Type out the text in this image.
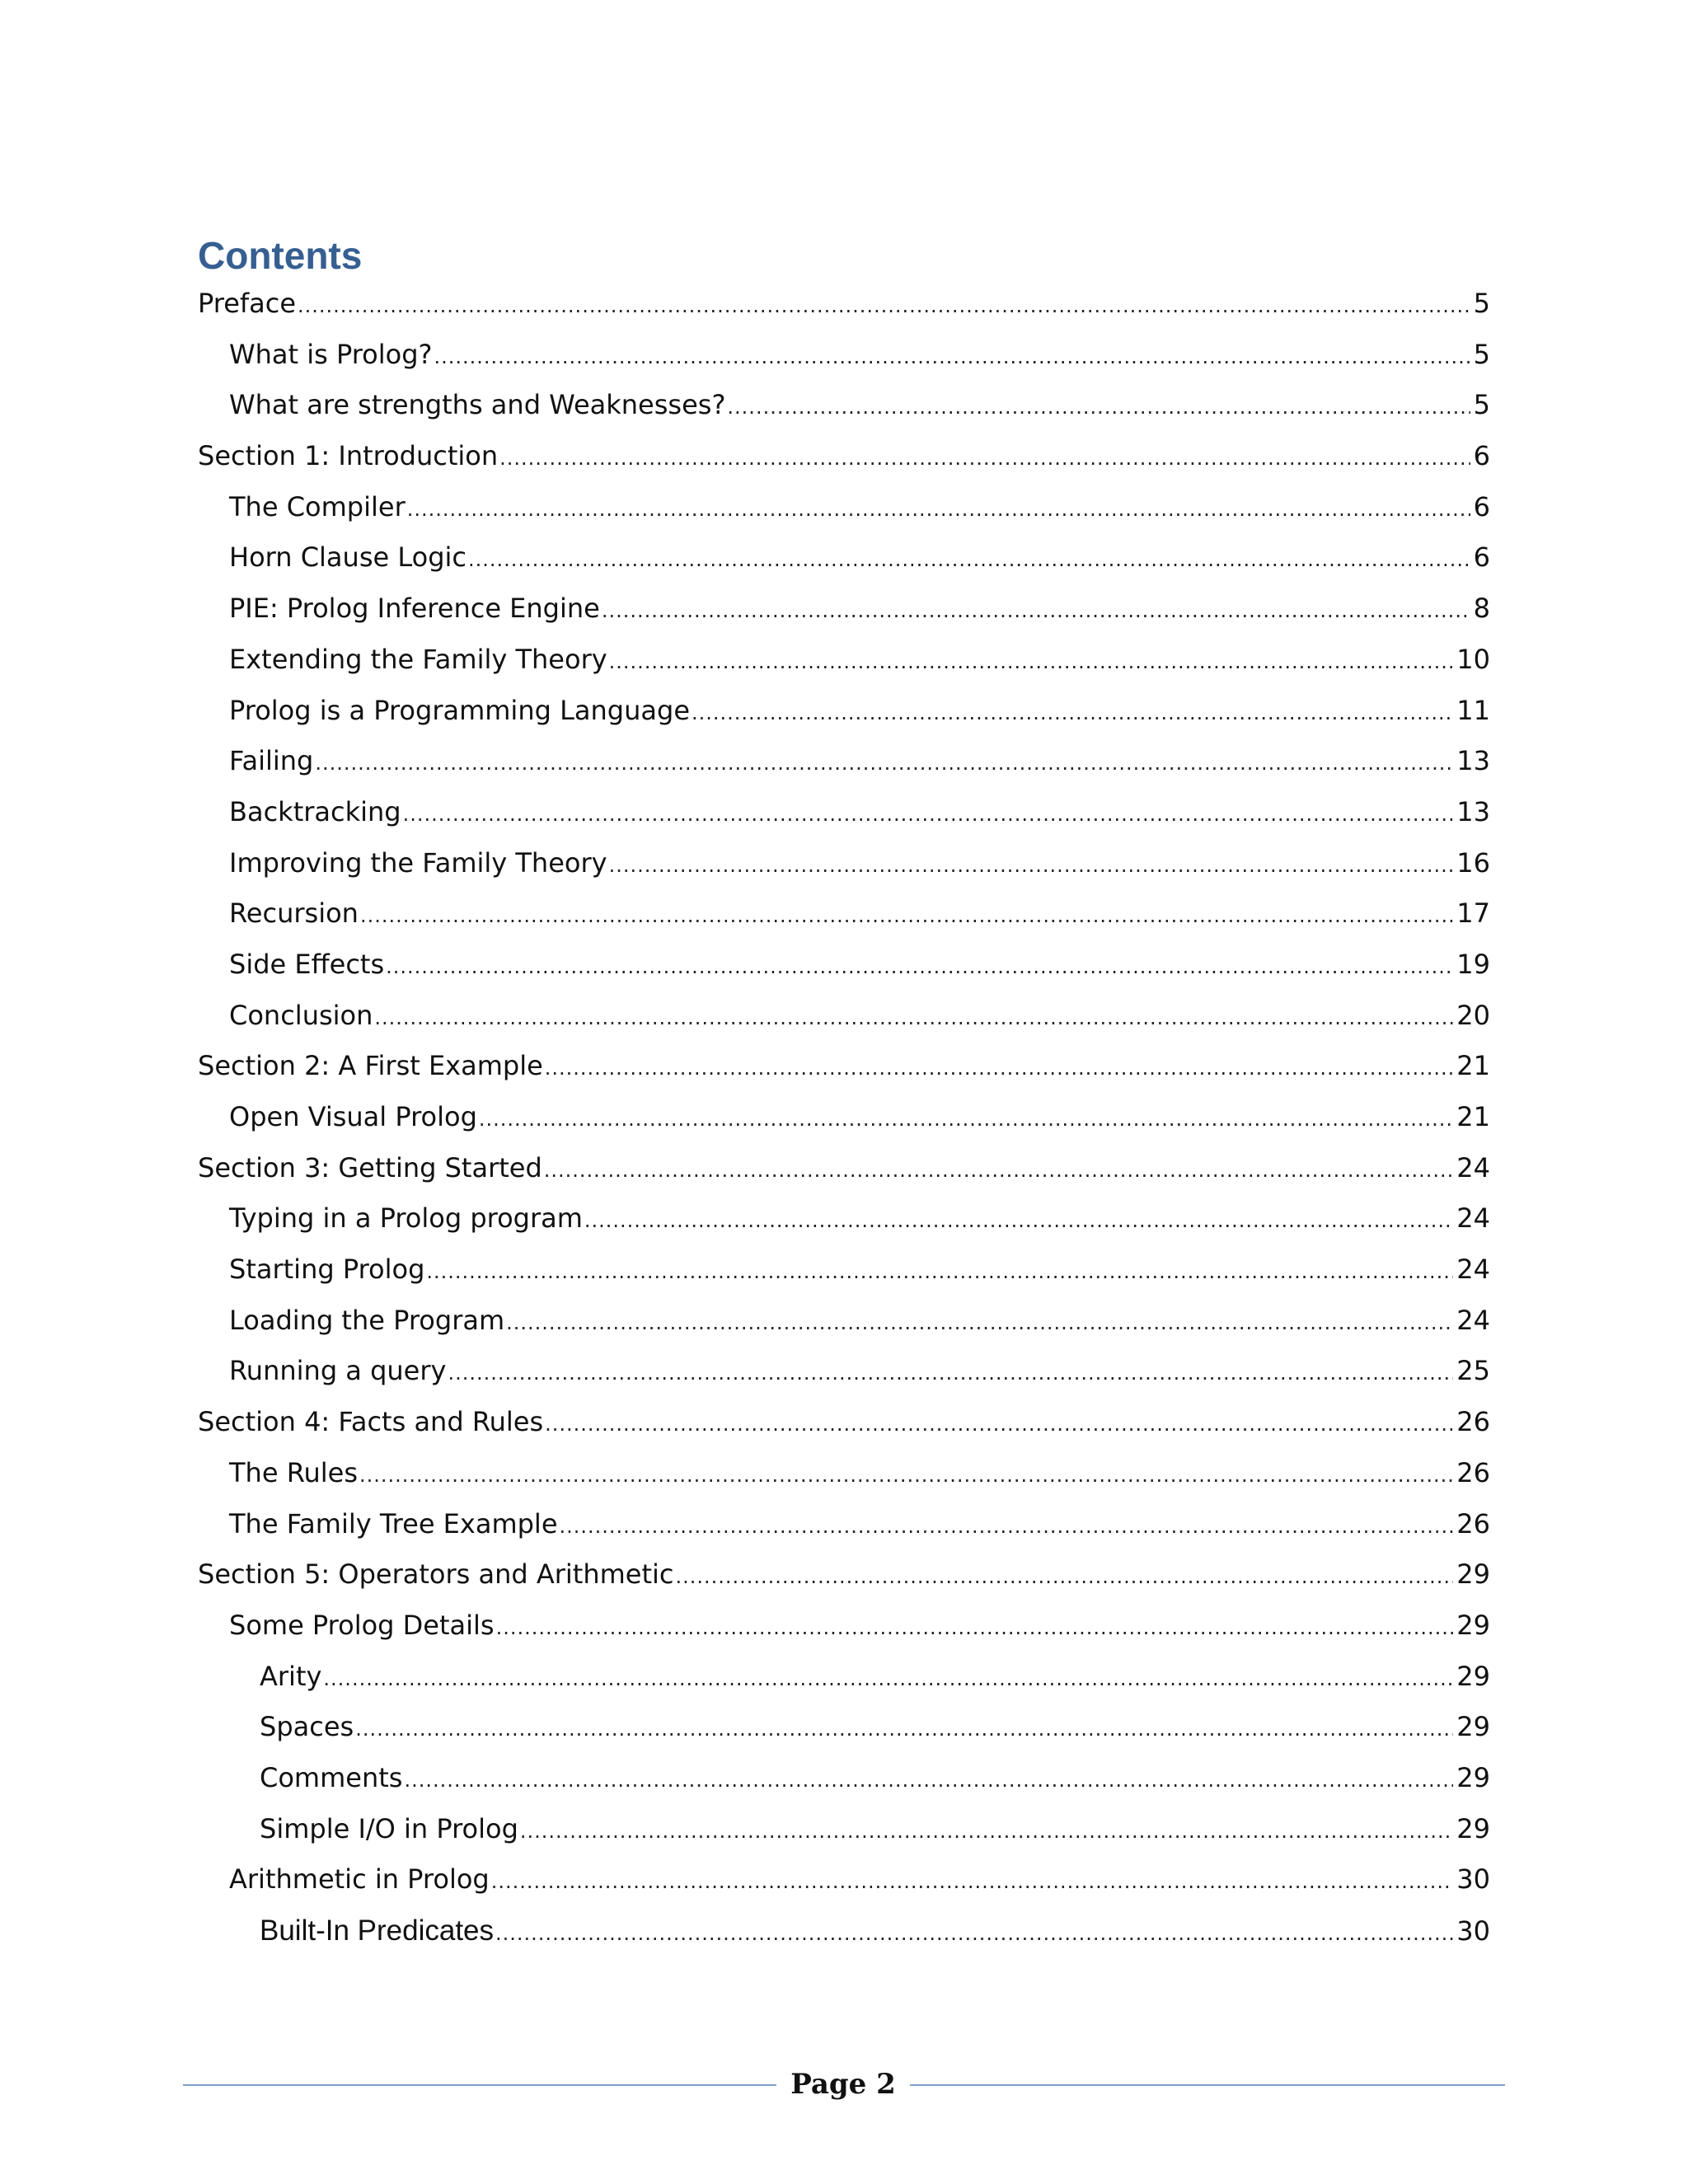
Contents
Preface .....	5
What is Prolog? .....	5
What are strengths and Weaknesses? .....	5
Section 1: Introduction .....	6
The Compiler .....	6
Horn Clause Logic .....	6
PIE: Prolog Inference Engine .....	8
Extending the Family Theory .....	10
Prolog is a Programming Language .....	11
Failing .....	13
Backtracking .....	13
Improving the Family Theory .....	16
Recursion .....	17
Side Effects .....	19
Conclusion .....	20
Section 2: A First Example .....	21
Open Visual Prolog .....	21
Section 3: Getting Started .....	24
Typing in a Prolog program .....	24
Starting Prolog .....	24
Loading the Program .....	24
Running a query .....	25
Section 4: Facts and Rules .....	26
The Rules .....	26
The Family Tree Example .....	26
Section 5: Operators and Arithmetic .....	29
Some Prolog Details .....	29
Arity .....	29
Spaces .....	29
Comments .....	29
Simple I/O in Prolog .....	29
Arithmetic in Prolog .....	30
Built-In Predicates .....	30
Page 2
